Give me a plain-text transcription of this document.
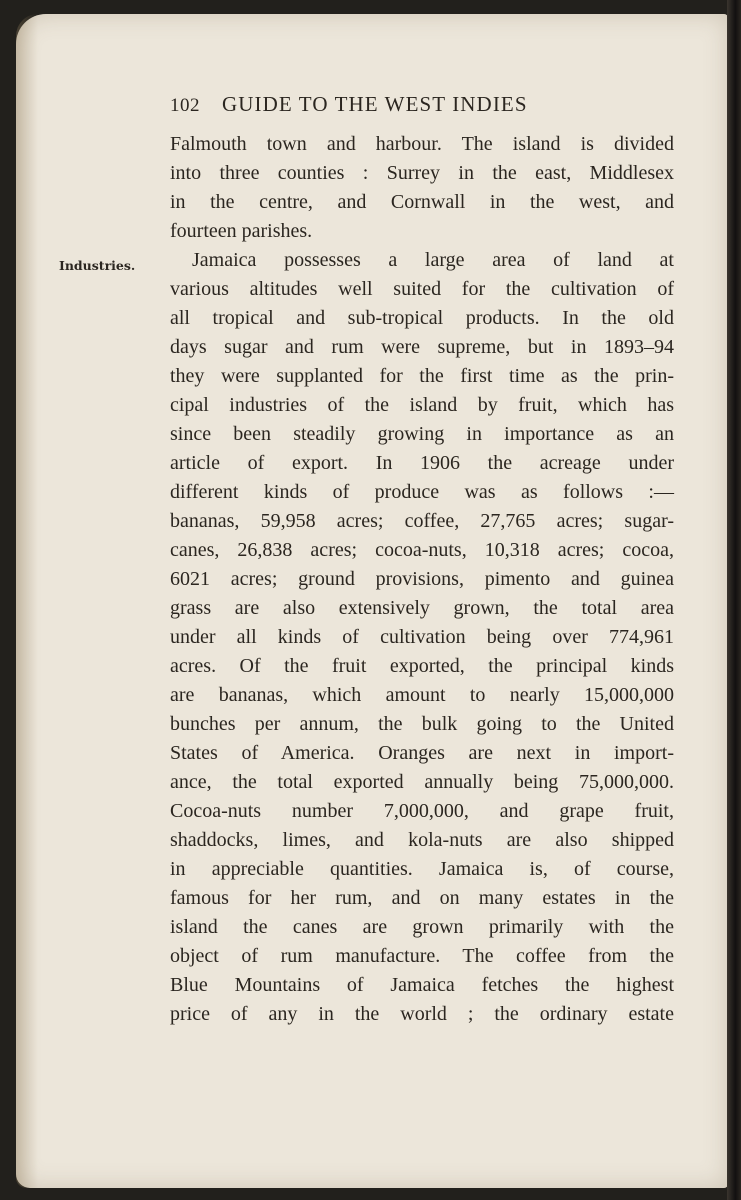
102 GUIDE TO THE WEST INDIES
Industries.
Falmouth town and harbour. The island is divided
into three counties : Surrey in the east, Middlesex
in the centre, and Cornwall in the west, and
fourteen parishes.
Jamaica possesses a large area of land at
various altitudes well suited for the cultivation of
all tropical and sub-tropical products. In the old
days sugar and rum were supreme, but in 1893–94
they were supplanted for the first time as the prin-
cipal industries of the island by fruit, which has
since been steadily growing in importance as an
article of export. In 1906 the acreage under
different kinds of produce was as follows :—
bananas, 59,958 acres; coffee, 27,765 acres; sugar-
canes, 26,838 acres; cocoa-nuts, 10,318 acres; cocoa,
6021 acres; ground provisions, pimento and guinea
grass are also extensively grown, the total area
under all kinds of cultivation being over 774,961
acres. Of the fruit exported, the principal kinds
are bananas, which amount to nearly 15,000,000
bunches per annum, the bulk going to the United
States of America. Oranges are next in import-
ance, the total exported annually being 75,000,000.
Cocoa-nuts number 7,000,000, and grape fruit,
shaddocks, limes, and kola-nuts are also shipped
in appreciable quantities. Jamaica is, of course,
famous for her rum, and on many estates in the
island the canes are grown primarily with the
object of rum manufacture. The coffee from the
Blue Mountains of Jamaica fetches the highest
price of any in the world ; the ordinary estate
